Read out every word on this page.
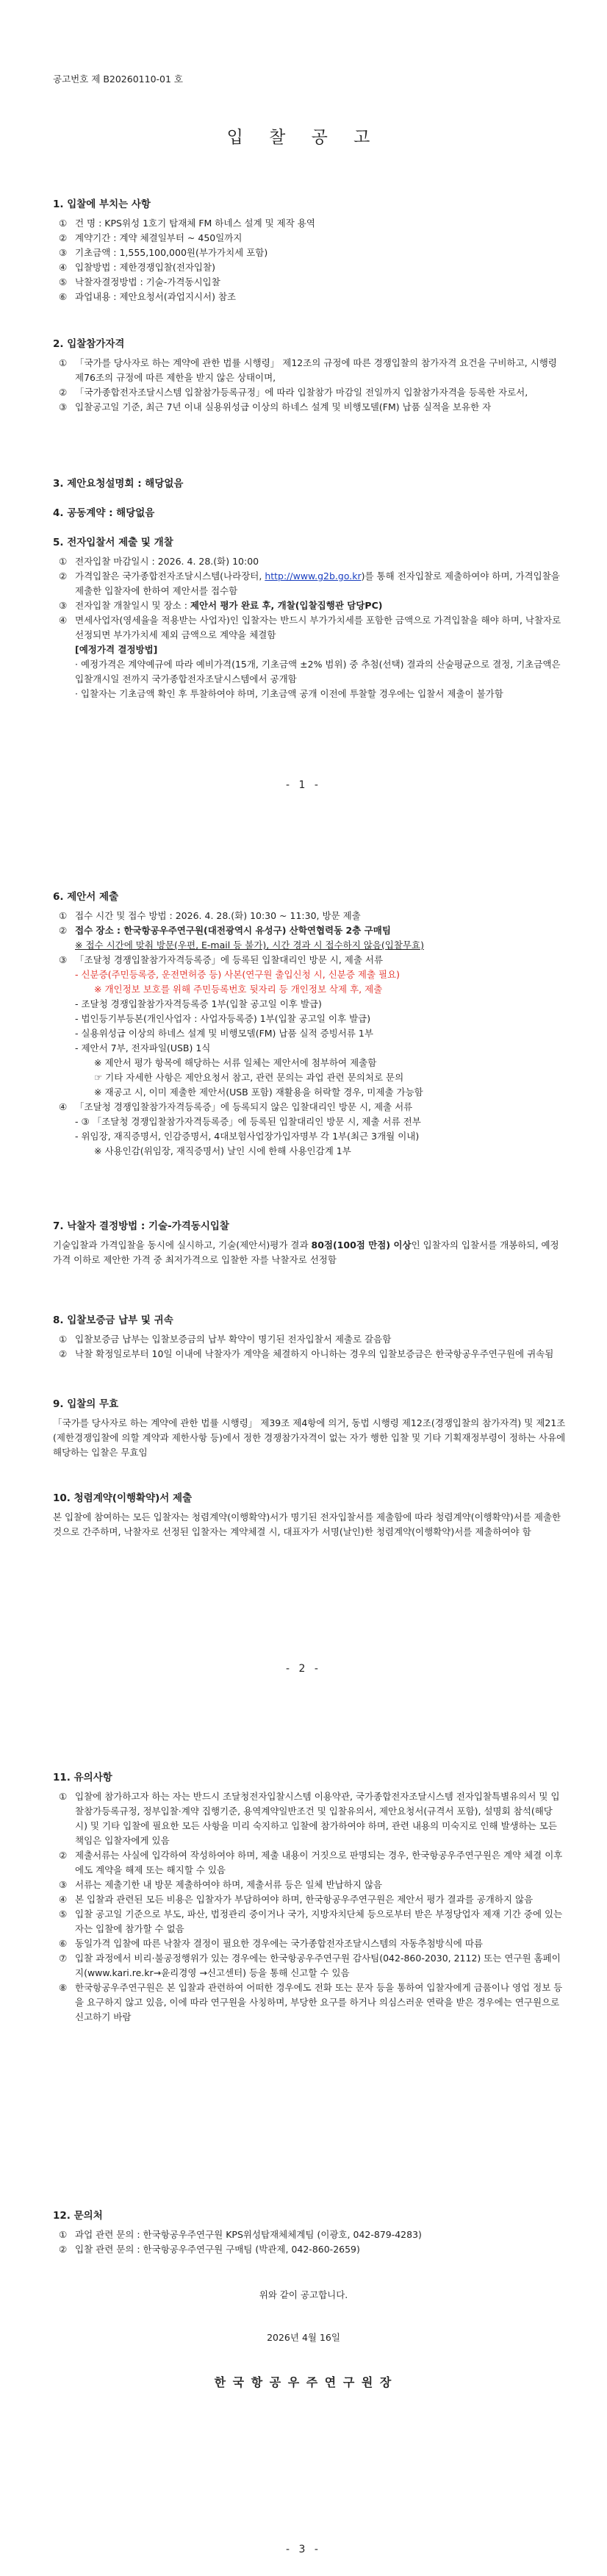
공고번호 제 B20260110-01 호
입 찰 공 고

1. 입찰에 부치는 사항

① 건 명 : KPS위성 1호기 탑재체 FM 하네스 설계 및 제작 용역
② 계약기간 : 계약 체결일부터 ~ 450일까지
③ 기초금액 : 1,555,100,000원(부가가치세 포함)
④ 입찰방법 : 제한경쟁입찰(전자입찰)
⑤ 낙찰자결정방법 : 기술-가격동시입찰
⑥ 과업내용 : 제안요청서(과업지시서) 참조

2. 입찰참가자격

① 「국가를 당사자로 하는 계약에 관한 법률 시행령」 제12조의 규정에 따른 경쟁입찰의 참가자격 요건을 구비하고, 시행령 제76조의 규정에 따른 제한을 받지 않은 상태이며,
② 「국가종합전자조달시스템 입찰참가등록규정」에 따라 입찰참가 마감일 전일까지 입찰참가자격을 등록한 자로서,
③ 입찰공고일 기준, 최근 7년 이내 실용위성급 이상의 하네스 설계 및 비행모델(FM) 납품 실적을 보유한 자

3. 제안요청설명회 : 해당없음

4. 공동계약 : 해당없음

5. 전자입찰서 제출 및 개찰

① 전자입찰 마감일시 : 2026. 4. 28.(화) 10:00
② 가격입찰은 국가종합전자조달시스템(나라장터, http://www.g2b.go.kr)를 통해 전자입찰로 제출하여야 하며, 가격입찰을 제출한 입찰자에 한하여 제안서를 접수함
③ 전자입찰 개찰일시 및 장소 : 제안서 평가 완료 후, 개찰(입찰집행관 담당PC)
④ 면세사업자(영세율을 적용받는 사업자)인 입찰자는 반드시 부가가치세를 포함한 금액으로 가격입찰을 해야 하며, 낙찰자로 선정되면 부가가치세 제외 금액으로 계약을 체결함

[예정가격 결정방법]

· 예정가격은 계약예규에 따라 예비가격(15개, 기초금액 ±2% 범위) 중 추첨(선택) 결과의 산술평균으로 결정, 기초금액은 입찰개시일 전까지 국가종합전자조달시스템에서 공개함

· 입찰자는 기초금액 확인 후 투찰하여야 하며, 기초금액 공개 이전에 투찰할 경우에는 입찰서 제출이 불가함

- 1 -

6. 제안서 제출

① 접수 시간 및 접수 방법 : 2026. 4. 28.(화) 10:30 ~ 11:30, 방문 제출
② 접수 장소 : 한국항공우주연구원(대전광역시 유성구) 산학연협력동 2층 구매팀

※ 접수 시간에 맞춰 방문(우편, E-mail 등 불가), 시간 경과 시 접수하지 않음(입찰무효)

③ 「조달청 경쟁입찰참가자격등록증」에 등록된 입찰대리인 방문 시, 제출 서류

- 신분증(주민등록증, 운전면허증 등) 사본(연구원 출입신청 시, 신분증 제출 필요)

※ 개인정보 보호를 위해 주민등록번호 뒷자리 등 개인정보 삭제 후, 제출

- 조달청 경쟁입찰참가자격등록증 1부(입찰 공고일 이후 발급)

- 법인등기부등본(개인사업자 : 사업자등록증) 1부(입찰 공고일 이후 발급)

- 실용위성급 이상의 하네스 설계 및 비행모델(FM) 납품 실적 증빙서류 1부

- 제안서 7부, 전자파일(USB) 1식

※ 제안서 평가 항목에 해당하는 서류 일체는 제안서에 첨부하여 제출함

☞ 기타 자세한 사항은 제안요청서 참고, 관련 문의는 과업 관련 문의처로 문의

※ 재공고 시, 이미 제출한 제안서(USB 포함) 재활용을 허락할 경우, 미제출 가능함

④ 「조달청 경쟁입찰참가자격등록증」에 등록되지 않은 입찰대리인 방문 시, 제출 서류

- ③ 「조달청 경쟁입찰참가자격등록증」에 등록된 입찰대리인 방문 시, 제출 서류 전부

- 위임장, 재직증명서, 인감증명서, 4대보험사업장가입자명부 각 1부(최근 3개월 이내)

※ 사용인감(위임장, 재직증명서) 날인 시에 한해 사용인감계 1부

7. 낙찰자 결정방법 : 기술-가격동시입찰

기술입찰과 가격입찰을 동시에 실시하고, 기술(제안서)평가 결과 80점(100점 만점) 이상인 입찰자의 입찰서를 개봉하되, 예정가격 이하로 제안한 가격 중 최저가격으로 입찰한 자를 낙찰자로 선정함

8. 입찰보증금 납부 및 귀속

① 입찰보증금 납부는 입찰보증금의 납부 확약이 명기된 전자입찰서 제출로 갈음함
② 낙찰 확정일로부터 10일 이내에 낙찰자가 계약을 체결하지 아니하는 경우의 입찰보증금은 한국항공우주연구원에 귀속됨

9. 입찰의 무효

「국가를 당사자로 하는 계약에 관한 법률 시행령」 제39조 제4항에 의거, 동법 시행령 제12조(경쟁입찰의 참가자격) 및 제21조(제한경쟁입찰에 의할 계약과 제한사항 등)에서 정한 경쟁참가자격이 없는 자가 행한 입찰 및 기타 기획재정부령이 정하는 사유에 해당하는 입찰은 무효임

10. 청렴계약(이행확약)서 제출

본 입찰에 참여하는 모든 입찰자는 청렴계약(이행확약)서가 명기된 전자입찰서를 제출함에 따라 청렴계약(이행확약)서를 제출한 것으로 간주하며, 낙찰자로 선정된 입찰자는 계약체결 시, 대표자가 서명(날인)한 청렴계약(이행확약)서를 제출하여야 함

- 2 -

11. 유의사항

① 입찰에 참가하고자 하는 자는 반드시 조달청전자입찰시스템 이용약관, 국가종합전자조달시스템 전자입찰특별유의서 및 입찰참가등록규정, 정부입찰·계약 집행기준, 용역계약일반조건 및 입찰유의서, 제안요청서(규격서 포함), 설명회 참석(해당 시) 및 기타 입찰에 필요한 모든 사항을 미리 숙지하고 입찰에 참가하여야 하며, 관련 내용의 미숙지로 인해 발생하는 모든 책임은 입찰자에게 있음
② 제출서류는 사실에 입각하여 작성하여야 하며, 제출 내용이 거짓으로 판명되는 경우, 한국항공우주연구원은 계약 체결 이후에도 계약을 해제 또는 해지할 수 있음
③ 서류는 제출기한 내 방문 제출하여야 하며, 제출서류 등은 일체 반납하지 않음
④ 본 입찰과 관련된 모든 비용은 입찰자가 부담하여야 하며, 한국항공우주연구원은 제안서 평가 결과를 공개하지 않음
⑤ 입찰 공고일 기준으로 부도, 파산, 법정관리 중이거나 국가, 지방자치단체 등으로부터 받은 부정당업자 제재 기간 중에 있는 자는 입찰에 참가할 수 없음
⑥ 동일가격 입찰에 따른 낙찰자 결정이 필요한 경우에는 국가종합전자조달시스템의 자동추첨방식에 따름
⑦ 입찰 과정에서 비리·불공정행위가 있는 경우에는 한국항공우주연구원 감사팀(042-860-2030, 2112) 또는 연구원 홈페이지(www.kari.re.kr→윤리경영 →신고센터) 등을 통해 신고할 수 있음
⑧ 한국항공우주연구원은 본 입찰과 관련하여 어떠한 경우에도 전화 또는 문자 등을 통하여 입찰자에게 금품이나 영업 정보 등을 요구하지 않고 있음, 이에 따라 연구원을 사칭하며, 부당한 요구를 하거나 의심스러운 연락을 받은 경우에는 연구원으로 신고하기 바람

12. 문의처

① 과업 관련 문의 : 한국항공우주연구원 KPS위성탑재체체계팀 (이광호, 042-879-4283)
② 입찰 관련 문의 : 한국항공우주연구원 구매팀 (박관제, 042-860-2659)
위와 같이 공고합니다.
2026년 4월 16일
한 국 항 공 우 주 연 구 원 장
- 3 -
